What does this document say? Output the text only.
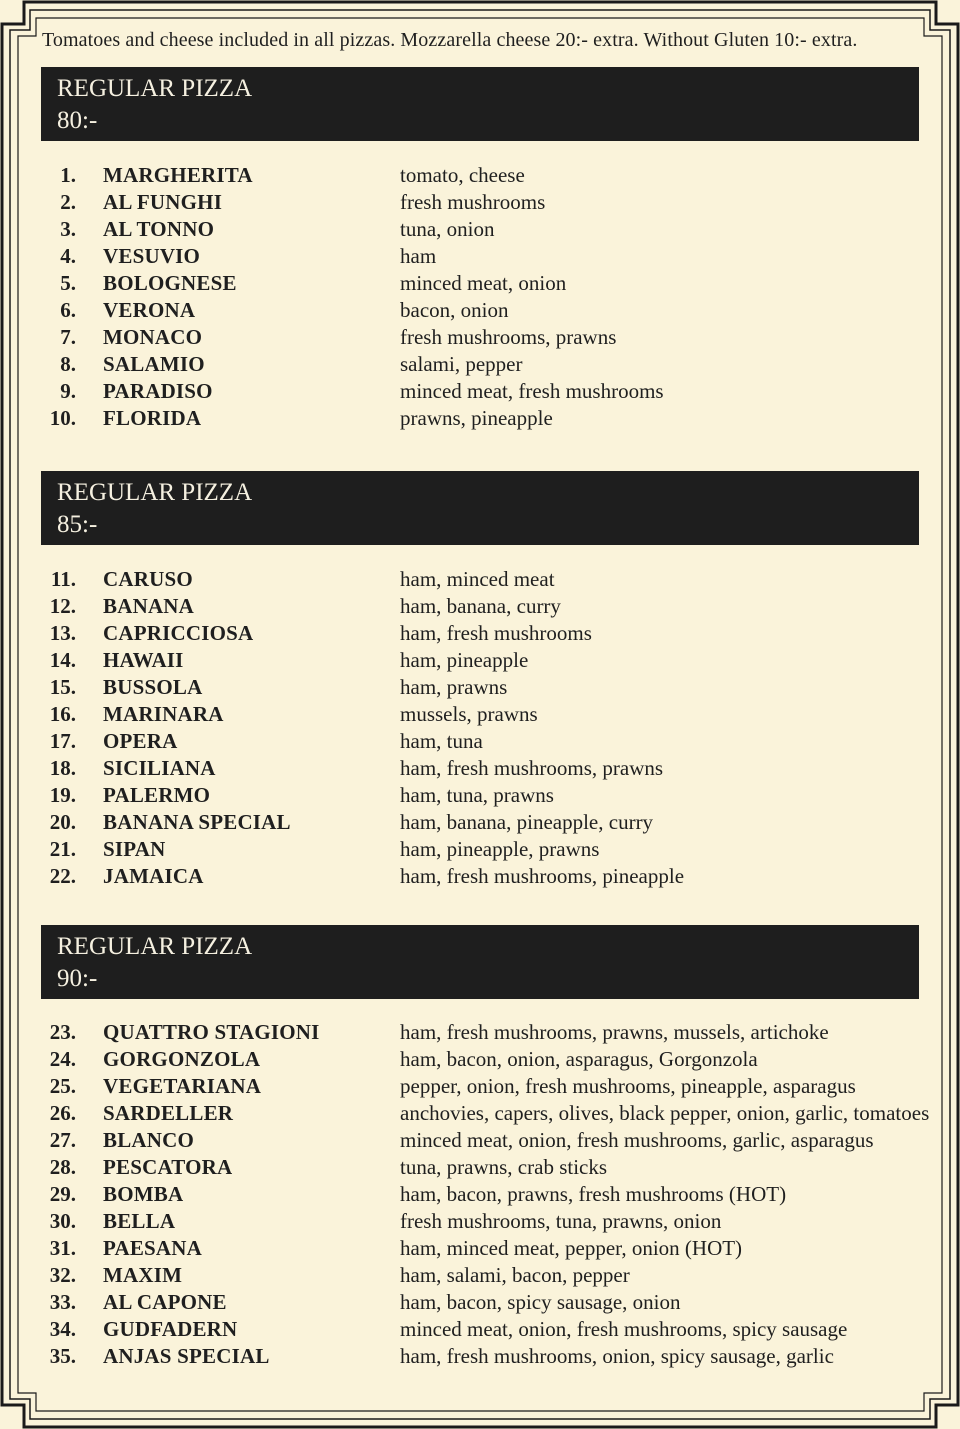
Tomatoes and cheese included in all pizzas. Mozzarella cheese 20:- extra. Without Gluten 10:- extra.
REGULAR PIZZA
80:-
1. MARGHERITA	tomato, cheese
2. AL FUNGHI	fresh mushrooms
3. AL TONNO	tuna, onion
4. VESUVIO	ham
5. BOLOGNESE	minced meat, onion
6. VERONA	bacon, onion
7. MONACO	fresh mushrooms, prawns
8. SALAMIO	salami, pepper
9. PARADISO	minced meat, fresh mushrooms
10. FLORIDA	prawns, pineapple
REGULAR PIZZA
85:-
11. CARUSO	ham, minced meat
12. BANANA	ham, banana, curry
13. CAPRICCIOSA	ham, fresh mushrooms
14. HAWAII	ham, pineapple
15. BUSSOLA	ham, prawns
16. MARINARA	mussels, prawns
17. OPERA	ham, tuna
18. SICILIANA	ham, fresh mushrooms, prawns
19. PALERMO	ham, tuna, prawns
20. BANANA SPECIAL	ham, banana, pineapple, curry
21. SIPAN	ham, pineapple, prawns
22. JAMAICA	ham, fresh mushrooms, pineapple
REGULAR PIZZA
90:-
23. QUATTRO STAGIONI	ham, fresh mushrooms, prawns, mussels, artichoke
24. GORGONZOLA	ham, bacon, onion, asparagus, Gorgonzola
25. VEGETARIANA	pepper, onion, fresh mushrooms, pineapple, asparagus
26. SARDELLER	anchovies, capers, olives, black pepper, onion, garlic, tomatoes
27. BLANCO	minced meat, onion, fresh mushrooms, garlic, asparagus
28. PESCATORA	tuna, prawns, crab sticks
29. BOMBA	ham, bacon, prawns, fresh mushrooms (HOT)
30. BELLA	fresh mushrooms, tuna, prawns, onion
31. PAESANA	ham, minced meat, pepper, onion (HOT)
32. MAXIM	ham, salami, bacon, pepper
33. AL CAPONE	ham, bacon, spicy sausage, onion
34. GUDFADERN	minced meat, onion, fresh mushrooms, spicy sausage
35. ANJAS SPECIAL	ham, fresh mushrooms, onion, spicy sausage, garlic
